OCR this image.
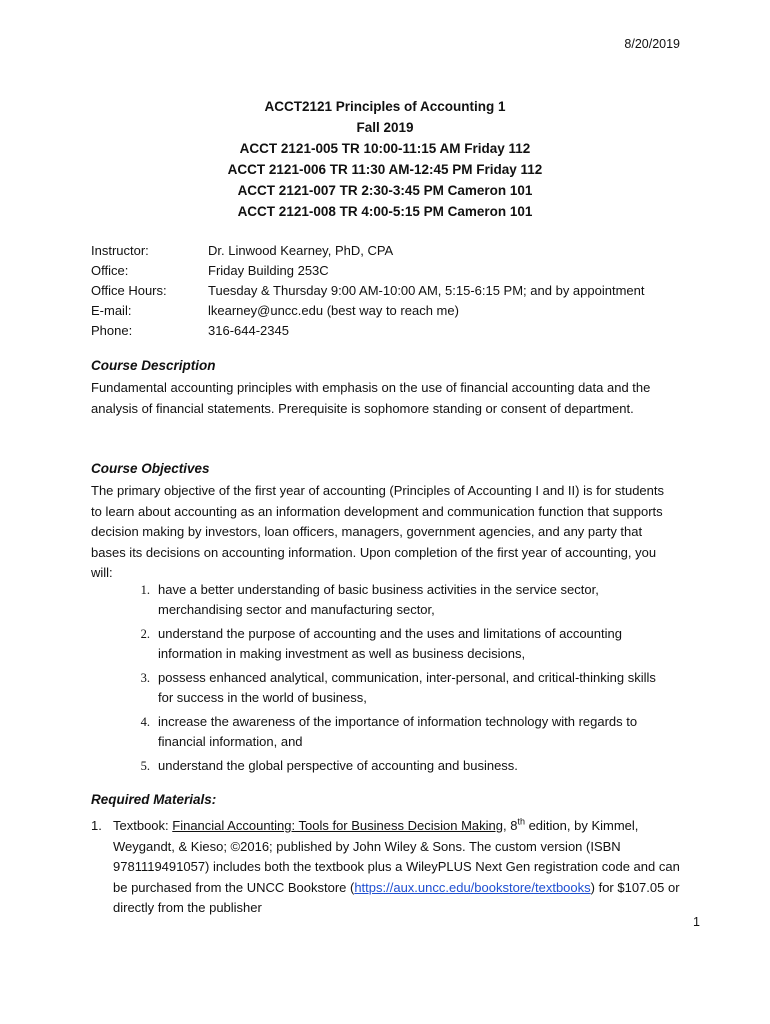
8/20/2019
ACCT2121 Principles of Accounting 1
Fall 2019
ACCT 2121-005 TR 10:00-11:15 AM Friday 112
ACCT 2121-006 TR 11:30 AM-12:45 PM Friday 112
ACCT 2121-007 TR 2:30-3:45 PM Cameron 101
ACCT 2121-008 TR 4:00-5:15 PM Cameron 101
Instructor:	Dr. Linwood Kearney, PhD, CPA
Office:	Friday Building 253C
Office Hours:	Tuesday & Thursday 9:00 AM-10:00 AM, 5:15-6:15 PM; and by appointment
E-mail:	lkearney@uncc.edu (best way to reach me)
Phone:	316-644-2345
Course Description
Fundamental accounting principles with emphasis on the use of financial accounting data and the analysis of financial statements. Prerequisite is sophomore standing or consent of department.
Course Objectives
The primary objective of the first year of accounting (Principles of Accounting I and II) is for students to learn about accounting as an information development and communication function that supports decision making by investors, loan officers, managers, government agencies, and any party that bases its decisions on accounting information. Upon completion of the first year of accounting, you will:
1. have a better understanding of basic business activities in the service sector, merchandising sector and manufacturing sector,
2. understand the purpose of accounting and the uses and limitations of accounting information in making investment as well as business decisions,
3. possess enhanced analytical, communication, inter-personal, and critical-thinking skills for success in the world of business,
4. increase the awareness of the importance of information technology with regards to financial information, and
5. understand the global perspective of accounting and business.
Required Materials:
1. Textbook: Financial Accounting: Tools for Business Decision Making, 8th edition, by Kimmel, Weygandt, & Kieso; ©2016; published by John Wiley & Sons. The custom version (ISBN 9781119491057) includes both the textbook plus a WileyPLUS Next Gen registration code and can be purchased from the UNCC Bookstore (https://aux.uncc.edu/bookstore/textbooks) for $107.05 or directly from the publisher
1
